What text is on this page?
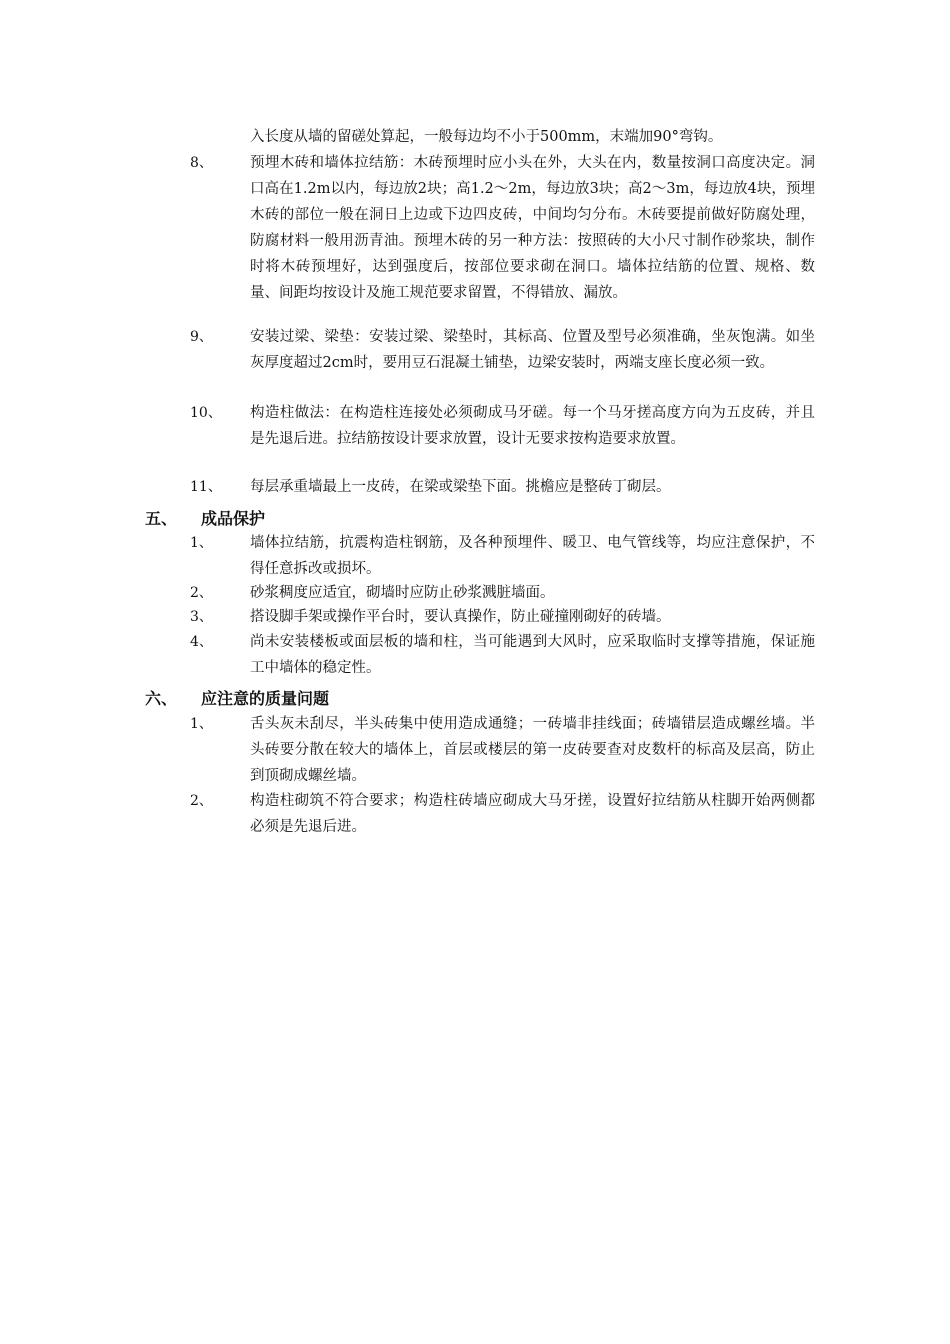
入长度从墙的留磋处算起，一般每边均不小于500mm，末端加90°弯钩。
8、	预埋木砖和墙体拉结筋：木砖预埋时应小头在外，大头在内，数量按洞口高度决定。洞口高在1.2m以内，每边放2块；高1.2～2m，每边放3块；高2～3m，每边放4块，预埋木砖的部位一般在洞日上边或下边四皮砖，中间均匀分布。木砖要提前做好防腐处理，防腐材料一般用沥青油。预埋木砖的另一种方法：按照砖的大小尺寸制作砂浆块，制作时将木砖预埋好，达到强度后，按部位要求砌在洞口。墙体拉结筋的位置、规格、数量、间距均按设计及施工规范要求留置，不得错放、漏放。
9、	安装过梁、梁垫：安装过梁、梁垫时，其标高、位置及型号必须准确，坐灰饱满。如坐灰厚度超过2cm时，要用豆石混凝土铺垫，边梁安装时，两端支座长度必须一致。
10、 构造柱做法：在构造柱连接处必须砌成马牙磋。每一个马牙搓高度方向为五皮砖，并且是先退后进。拉结筋按设计要求放置，设计无要求按构造要求放置。
11、 每层承重墙最上一皮砖，在梁或梁垫下面。挑檐应是整砖丁砌层。
五、 成品保护
1、	墙体拉结筋，抗震构造柱钢筋，及各种预埋件、暖卫、电气管线等，均应注意保护，不得任意拆改或损坏。
2、	砂浆稠度应适宜，砌墙时应防止砂浆溅脏墙面。
3、	搭设脚手架或操作平台时，要认真操作，防止碰撞刚砌好的砖墙。
4、	尚未安装楼板或面层板的墙和柱，当可能遇到大风时，应采取临时支撑等措施，保证施工中墙体的稳定性。
六、 应注意的质量问题
1、	舌头灰未刮尽，半头砖集中使用造成通缝；一砖墙非挂线面；砖墙错层造成螺丝墙。半头砖要分散在较大的墙体上，首层或楼层的第一皮砖要查对皮数杆的标高及层高，防止到顶砌成螺丝墙。
2、	构造柱砌筑不符合要求；构造柱砖墙应砌成大马牙搓，设置好拉结筋从柱脚开始两侧都必须是先退后进。
